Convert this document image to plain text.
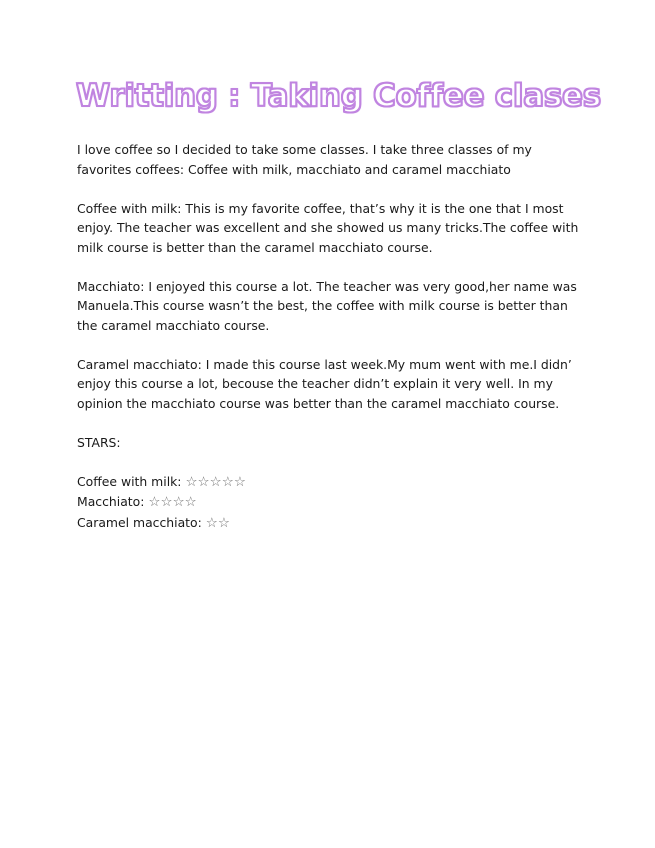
Writting : Taking Coffee clases

I love coffee so I decided to take some classes. I take three classes of my favorites coffees: Coffee with milk, macchiato and caramel macchiato

Coffee with milk: This is my favorite coffee, that’s why it is the one that I most enjoy. The teacher was excellent and she showed us many tricks.The coffee with milk course is better than the caramel macchiato course.

Macchiato: I enjoyed this course a lot. The teacher was very good,her name was Manuela.This course wasn’t the best, the coffee with milk course is better than the caramel macchiato course.

Caramel macchiato: I made this course last week.My mum went with me.I didn’ enjoy this course a lot, becouse the teacher didn’t explain it very well. In my opinion the macchiato course was better than the caramel macchiato course.

STARS:
Coffee with milk: ☆☆☆☆☆
Macchiato: ☆☆☆☆
Caramel macchiato: ☆☆
